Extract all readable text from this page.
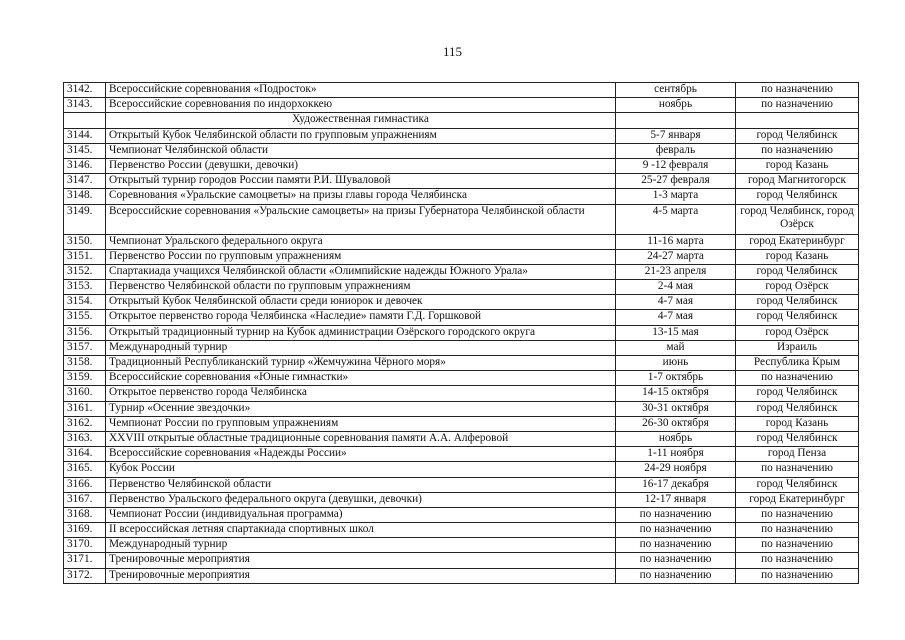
115
3142.	Всероссийские соревнования «Подросток»	сентябрь	по назначению
3143.	Всероссийские соревнования по индорхоккею	ноябрь	по назначению
	Художественная гимнастика		
3144.	Открытый Кубок Челябинской области по групповым упражнениям	5-7 января	город Челябинск
3145.	Чемпионат Челябинской области	февраль	по назначению
3146.	Первенство России (девушки, девочки)	9 -12 февраля	город Казань
3147.	Открытый турнир городов России памяти Р.И. Шуваловой	25-27 февраля	город Магнитогорск
3148.	Соревнования «Уральские самоцветы» на призы главы города Челябинска	1-3 марта	город Челябинск
3149.	Всероссийские соревнования «Уральские самоцветы» на призы Губернатора Челябинской области	4-5 марта	город Челябинск, город Озёрск
3150.	Чемпионат Уральского федерального округа	11-16 марта	город Екатеринбург
3151.	Первенство России по групповым упражнениям	24-27 марта	город Казань
3152.	Спартакиада учащихся Челябинской области «Олимпийские надежды Южного Урала»	21-23 апреля	город Челябинск
3153.	Первенство Челябинской области по групповым упражнениям	2-4 мая	город Озёрск
3154.	Открытый Кубок Челябинской области среди юниорок и девочек	4-7 мая	город Челябинск
3155.	Открытое первенство города Челябинска «Наследие» памяти Г.Д. Горшковой	4-7 мая	город Челябинск
3156.	Открытый традиционный турнир на Кубок администрации Озёрского городского округа	13-15 мая	город Озёрск
3157.	Международный турнир	май	Израиль
3158.	Традиционный Республиканский турнир «Жемчужина Чёрного моря»	июнь	Республика Крым
3159.	Всероссийские соревнования «Юные гимнастки»	1-7 октябрь	по назначению
3160.	Открытое первенство города Челябинска	14-15 октября	город Челябинск
3161.	Турнир «Осенние звездочки»	30-31 октября	город Челябинск
3162.	Чемпионат России по групповым упражнениям	26-30 октября	город Казань
3163.	XXVIII открытые областные традиционные соревнования памяти А.А. Алферовой	ноябрь	город Челябинск
3164.	Всероссийские соревнования «Надежды России»	1-11 ноября	город Пенза
3165.	Кубок России	24-29 ноября	по назначению
3166.	Первенство Челябинской области	16-17 декабря	город Челябинск
3167.	Первенство Уральского федерального округа (девушки, девочки)	12-17 января	город Екатеринбург
3168.	Чемпионат России (индивидуальная программа)	по назначению	по назначению
3169.	II всероссийская летняя спартакиада спортивных школ	по назначению	по назначению
3170.	Международный турнир	по назначению	по назначению
3171.	Тренировочные мероприятия	по назначению	по назначению
3172.	Тренировочные мероприятия	по назначению	по назначению
